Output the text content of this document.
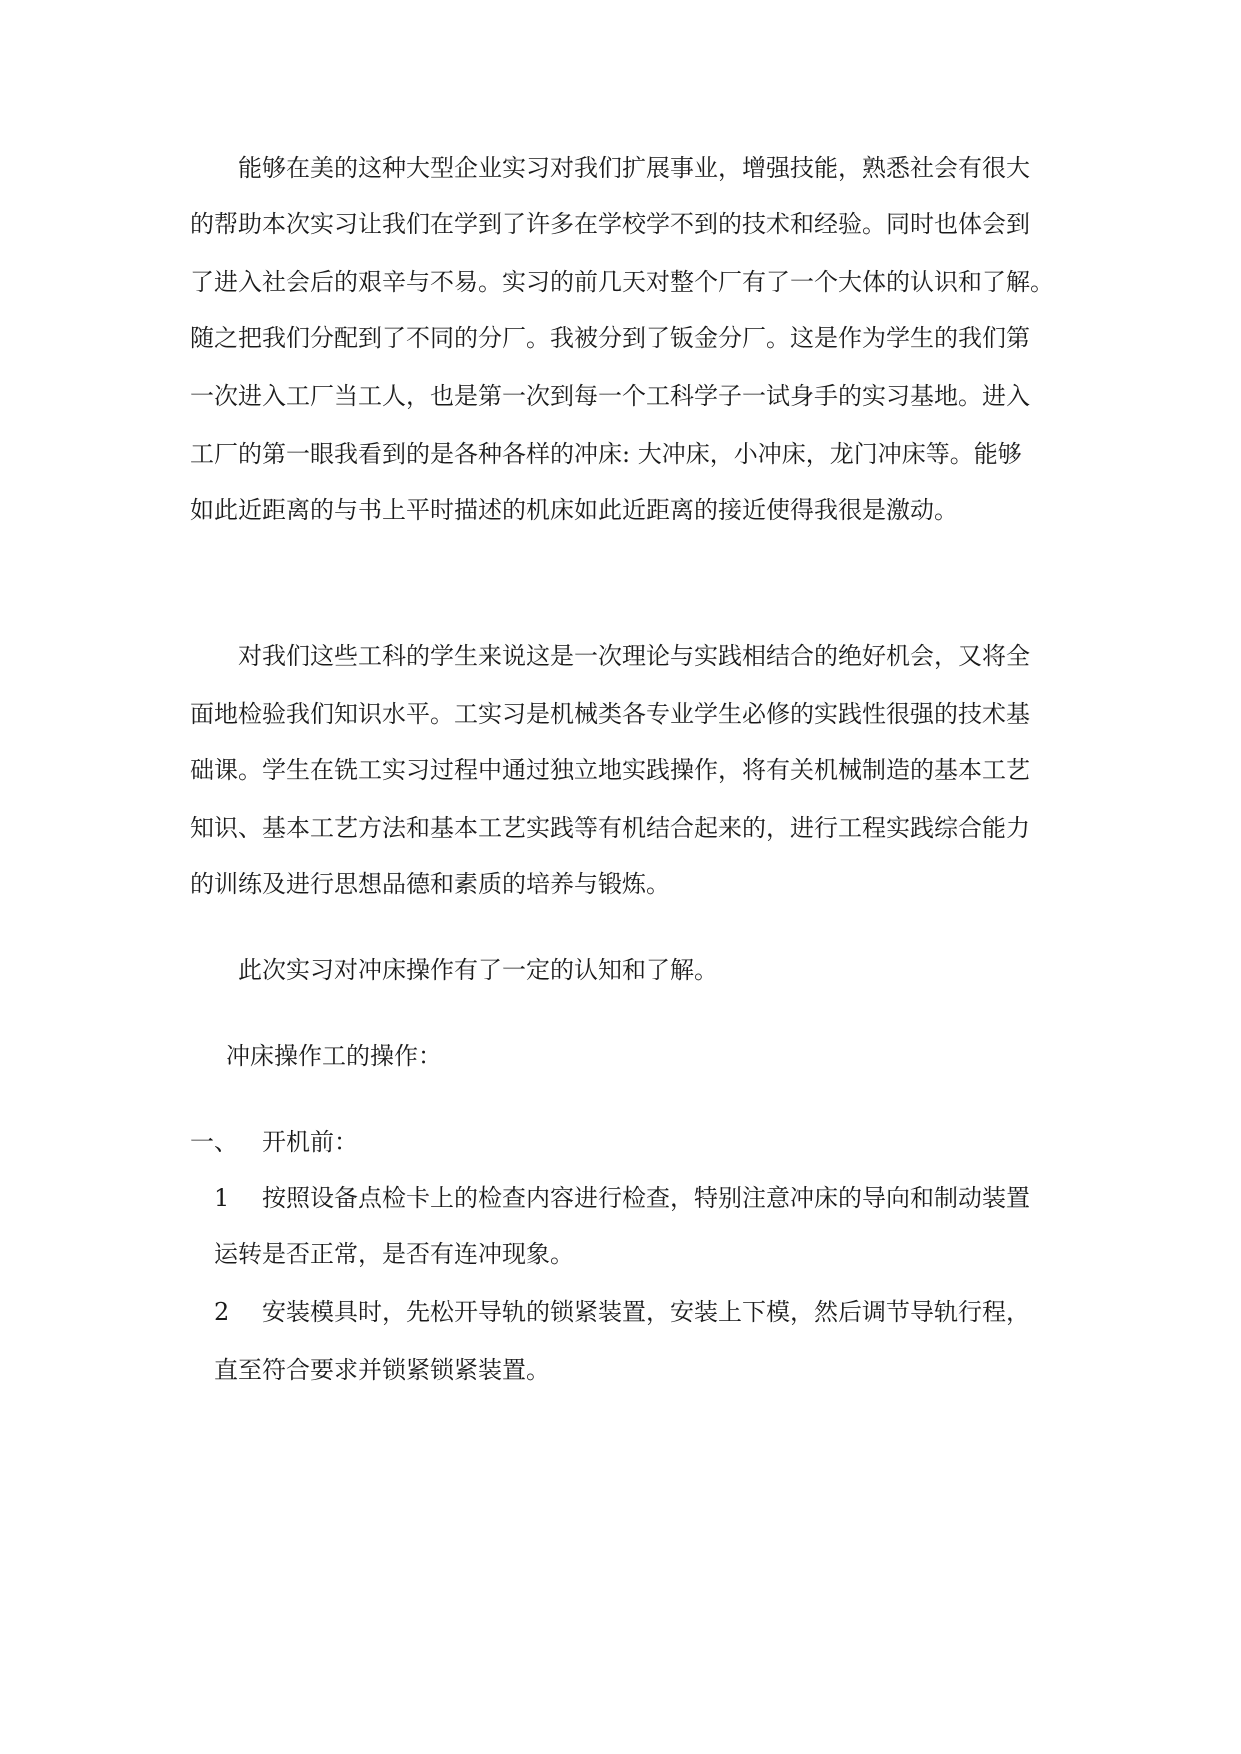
能够在美的这种大型企业实习对我们扩展事业，增强技能，熟悉社会有很大

的帮助本次实习让我们在学到了许多在学校学不到的技术和经验。同时也体会到

了进入社会后的艰辛与不易。实习的前几天对整个厂有了一个大体的认识和了解。

随之把我们分配到了不同的分厂。我被分到了钣金分厂。这是作为学生的我们第

一次进入工厂当工人，也是第一次到每一个工科学子一试身手的实习基地。进入

工厂的第一眼我看到的是各种各样的冲床: 大冲床，小冲床，龙门冲床等。能够

如此近距离的与书上平时描述的机床如此近距离的接近使得我很是激动。

对我们这些工科的学生来说这是一次理论与实践相结合的绝好机会，又将全

面地检验我们知识水平。工实习是机械类各专业学生必修的实践性很强的技术基

础课。学生在铣工实习过程中通过独立地实践操作，将有关机械制造的基本工艺

知识、基本工艺方法和基本工艺实践等有机结合起来的，进行工程实践综合能力

的训练及进行思想品德和素质的培养与锻炼。

此次实习对冲床操作有了一定的认知和了解。

冲床操作工的操作：

一、 开机前：

1 按照设备点检卡上的检查内容进行检查，特别注意冲床的导向和制动装置

运转是否正常，是否有连冲现象。

2 安装模具时，先松开导轨的锁紧装置，安装上下模，然后调节导轨行程，

直至符合要求并锁紧锁紧装置。
